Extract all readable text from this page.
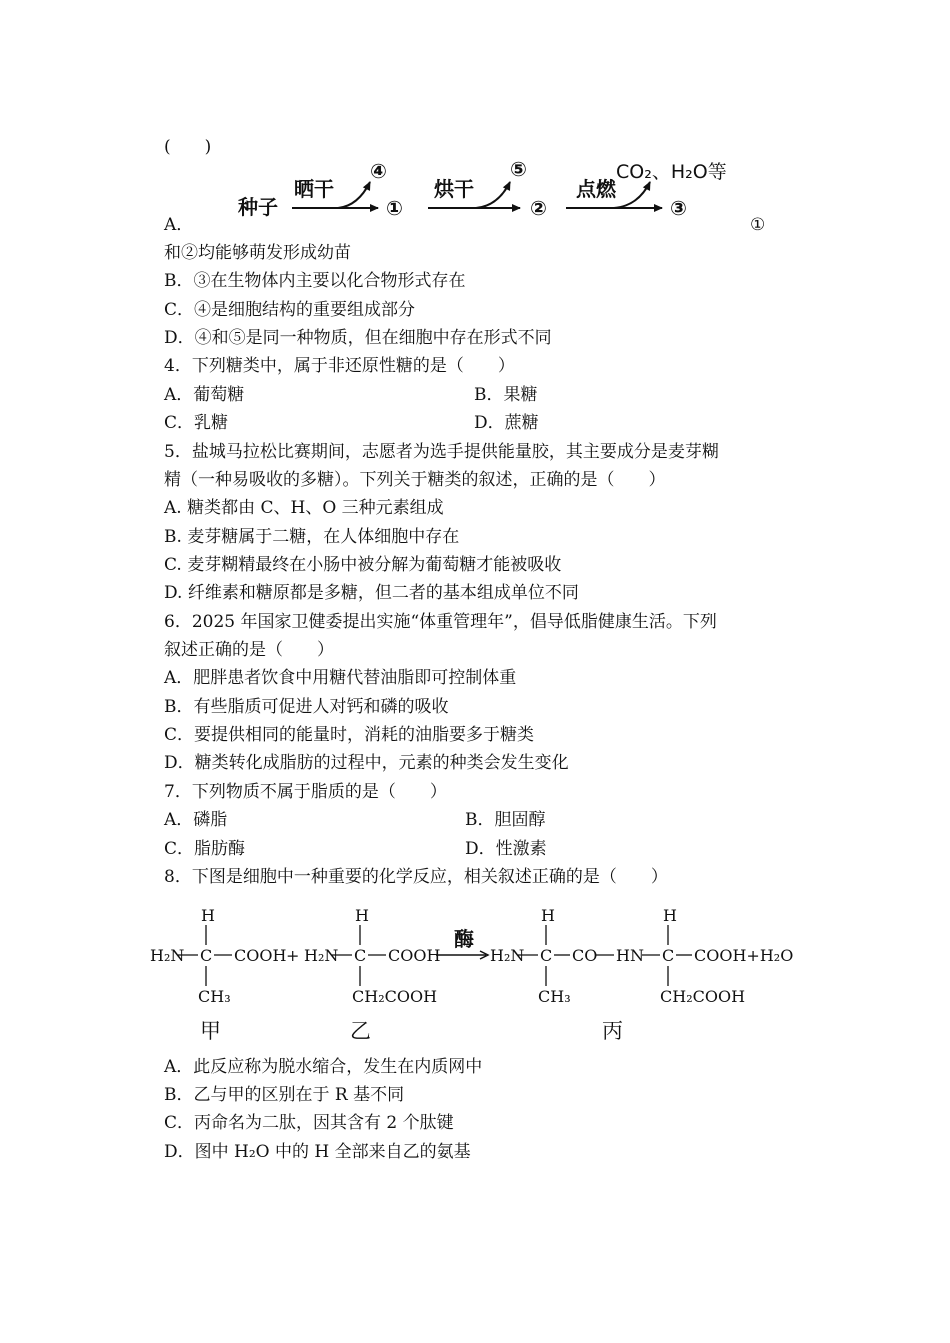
(　　)
种子
晒干
④
①
烘干
⑤
②
点燃
CO₂、H₂O等
③
A．	①
和②均能够萌发形成幼苗
B．③在生物体内主要以化合物形式存在
C．④是细胞结构的重要组成部分
D．④和⑤是同一种物质，但在细胞中存在形式不同
4．下列糖类中，属于非还原性糖的是（　　）
A．葡萄糖	B．果糖
C．乳糖	D．蔗糖
5．盐城马拉松比赛期间，志愿者为选手提供能量胶，其主要成分是麦芽糊
精（一种易吸收的多糖）。下列关于糖类的叙述，正确的是（　　）
A. 糖类都由 C、H、O 三种元素组成
B. 麦芽糖属于二糖，在人体细胞中存在
C. 麦芽糊精最终在小肠中被分解为葡萄糖才能被吸收
D. 纤维素和糖原都是多糖，但二者的基本组成单位不同
6．2025 年国家卫健委提出实施“体重管理年”，倡导低脂健康生活。下列
叙述正确的是（　　）
A．肥胖患者饮食中用糖代替油脂即可控制体重
B．有些脂质可促进人对钙和磷的吸收
C．要提供相同的能量时，消耗的油脂要多于糖类
D．糖类转化成脂肪的过程中，元素的种类会发生变化
7．下列物质不属于脂质的是（　　）
A．磷脂	B．胆固醇
C．脂肪酶	D．性激素
8．下图是细胞中一种重要的化学反应，相关叙述正确的是（　　）
H
H₂N C COOH
CH₃
+
H
H₂N C COOH
CH₂COOH
酶
H
H₂N C CO HN
H
C COOH+H₂O
CH₃	CH₂COOH
甲	乙	丙
A．此反应称为脱水缩合，发生在内质网中
B．乙与甲的区别在于 R 基不同
C．丙命名为二肽，因其含有 2 个肽键
D．图中 H₂O 中的 H 全部来自乙的氨基
